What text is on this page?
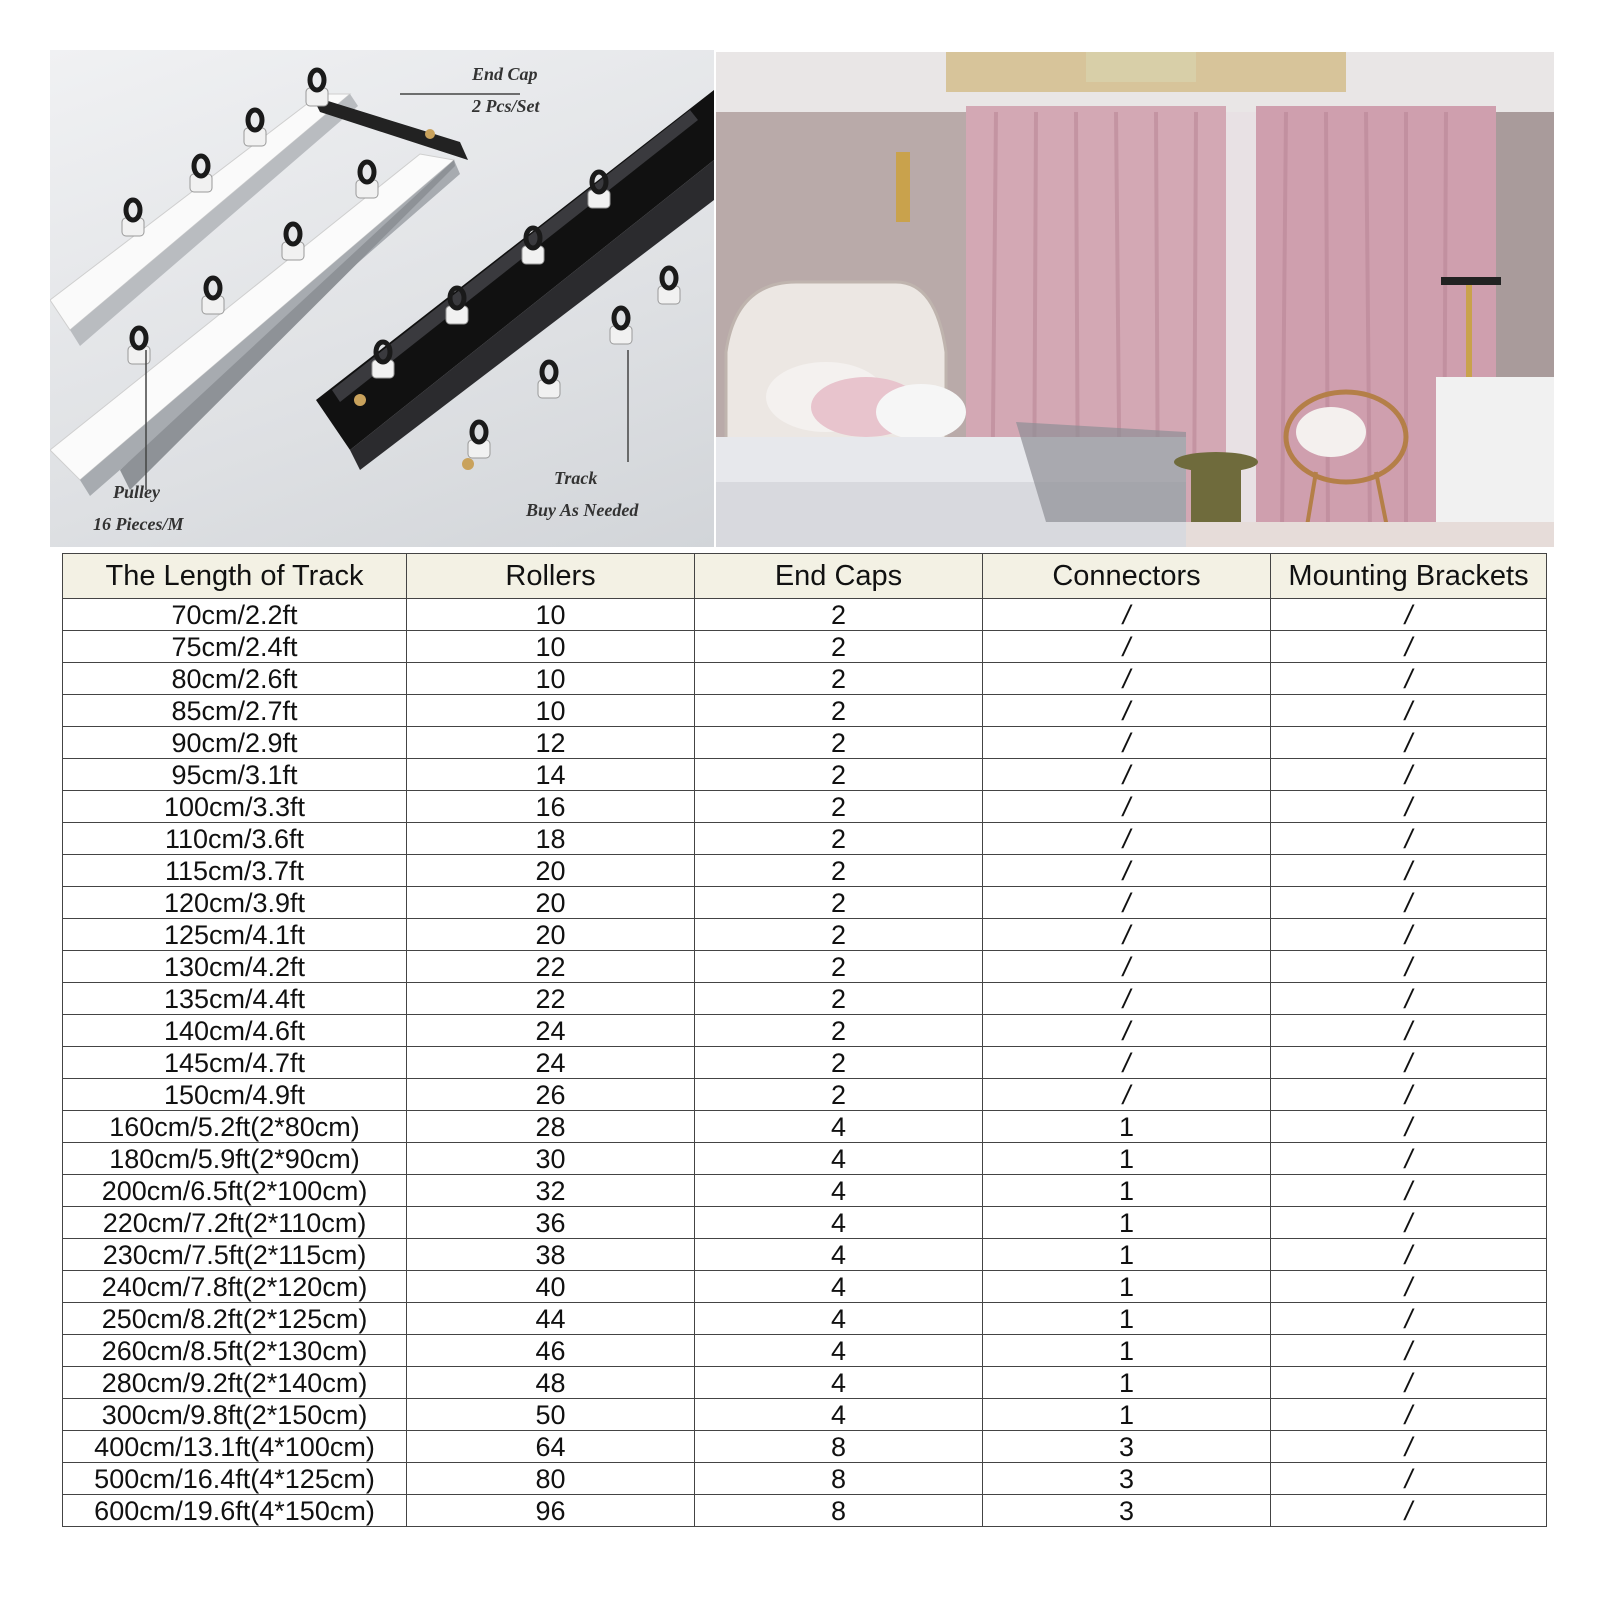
End Cap
2 Pcs/Set
Pulley
16 Pieces/M
Track
Buy As Needed
The Length of Track	Rollers	End Caps	Connectors	Mounting Brackets
70cm/2.2ft	10	2	/	/
75cm/2.4ft	10	2	/	/
80cm/2.6ft	10	2	/	/
85cm/2.7ft	10	2	/	/
90cm/2.9ft	12	2	/	/
95cm/3.1ft	14	2	/	/
100cm/3.3ft	16	2	/	/
110cm/3.6ft	18	2	/	/
115cm/3.7ft	20	2	/	/
120cm/3.9ft	20	2	/	/
125cm/4.1ft	20	2	/	/
130cm/4.2ft	22	2	/	/
135cm/4.4ft	22	2	/	/
140cm/4.6ft	24	2	/	/
145cm/4.7ft	24	2	/	/
150cm/4.9ft	26	2	/	/
160cm/5.2ft(2*80cm)	28	4	1	/
180cm/5.9ft(2*90cm)	30	4	1	/
200cm/6.5ft(2*100cm)	32	4	1	/
220cm/7.2ft(2*110cm)	36	4	1	/
230cm/7.5ft(2*115cm)	38	4	1	/
240cm/7.8ft(2*120cm)	40	4	1	/
250cm/8.2ft(2*125cm)	44	4	1	/
260cm/8.5ft(2*130cm)	46	4	1	/
280cm/9.2ft(2*140cm)	48	4	1	/
300cm/9.8ft(2*150cm)	50	4	1	/
400cm/13.1ft(4*100cm)	64	8	3	/
500cm/16.4ft(4*125cm)	80	8	3	/
600cm/19.6ft(4*150cm)	96	8	3	/
